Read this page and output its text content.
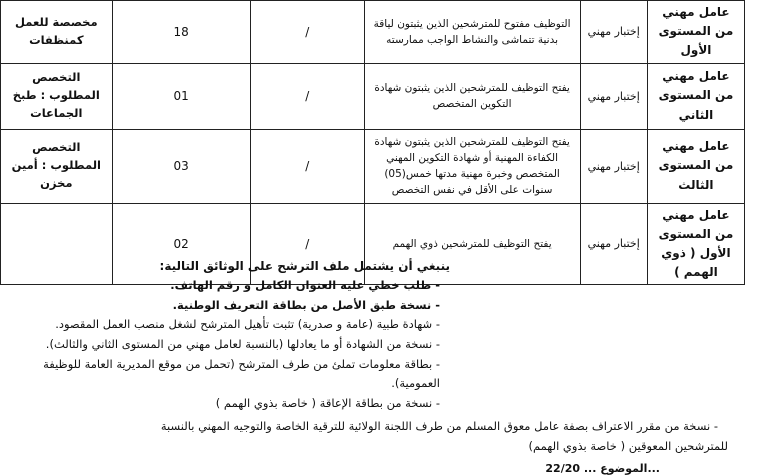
عامل مهني من المستوى الأول	إختبار مهني	التوظيف مفتوح للمترشحين الذين يثبتون لياقة بدنية تتماشى والنشاط الواجب ممارسته	/	18	مخصصة للعمل كمنظفات
عامل مهني من المستوى الثاني	إختبار مهني	يفتح التوظيف للمترشحين الذين يثبتون شهادة التكوين المتخصص	/	01	التخصص المطلوب : طبخ الجماعات
عامل مهني من المستوى الثالث	إختبار مهني	يفتح التوظيف للمترشحين الذين يثبتون شهادة الكفاءة المهنية أو شهادة التكوين المهني المتخصص وخبرة مهنية مدتها خمس(05) سنوات على الأقل في نفس التخصص	/	03	التخصص المطلوب : أمين مخزن
عامل مهني من المستوى الأول ( ذوي الهمم )	إختبار مهني	يفتح التوظيف للمترشحين ذوي الهمم	/	02	
ينبغي أن يشتمل ملف الترشح على الوثائق التالية:
- طلب خطي عليه العنوان الكامل و رقم الهاتف.
- نسخة طبق الأصل من بطاقة التعريف الوطنية.
- شهادة طبية (عامة و صدرية) تثبت تأهيل المترشح لشغل منصب العمل المقصود.
- نسخة من الشهادة أو ما يعادلها (بالنسبة لعامل مهني من المستوى الثاني والثالث).
- بطاقة معلومات تملئ من طرف المترشح (تحمل من موقع المديرية العامة للوظيفة العمومية).
- نسخة من بطاقة الإعاقة ( خاصة بذوي الهمم )
- نسخة من مقرر الاعتراف بصفة عامل معوق المسلم من طرف اللجنة الولائية للترقية الخاصة والتوجيه المهني بالنسبة
للمترشحين المعوقين ( خاصة بذوي الهمم)
...الموضوع ... 22/20
